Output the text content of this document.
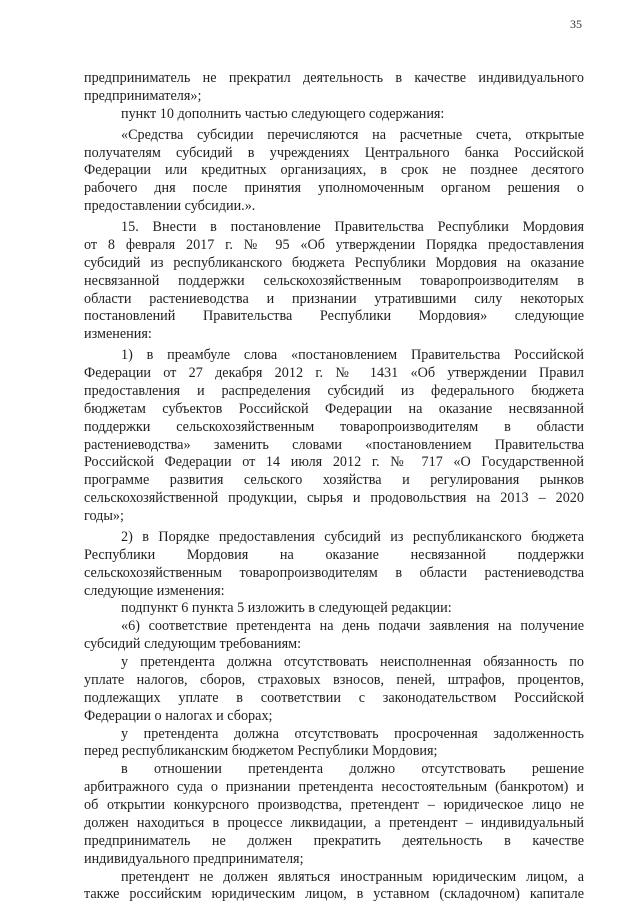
35
предприниматель не прекратил деятельность в качестве индивидуального
предпринимателя»;
пункт 10 дополнить частью следующего содержания:
«Средства субсидии перечисляются на расчетные счета, открытые
получателям субсидий в учреждениях Центрального банка Российской
Федерации или кредитных организациях, в срок не позднее десятого
рабочего дня после принятия уполномоченным органом решения о
предоставлении субсидии.».
15. Внести в постановление Правительства Республики Мордовия
от 8 февраля 2017 г. № 95 «Об утверждении Порядка предоставления
субсидий из республиканского бюджета Республики Мордовия на оказание
несвязанной поддержки сельскохозяйственным товаропроизводителям в
области растениеводства и признании утратившими силу некоторых
постановлений Правительства Республики Мордовия» следующие
изменения:
1) в преамбуле слова «постановлением Правительства Российской
Федерации от 27 декабря 2012 г. № 1431 «Об утверждении Правил
предоставления и распределения субсидий из федерального бюджета
бюджетам субъектов Российской Федерации на оказание несвязанной
поддержки сельскохозяйственным товаропроизводителям в области
растениеводства» заменить словами «постановлением Правительства
Российской Федерации от 14 июля 2012 г. № 717 «О Государственной
программе развития сельского хозяйства и регулирования рынков
сельскохозяйственной продукции, сырья и продовольствия на 2013 – 2020
годы»;
2) в Порядке предоставления субсидий из республиканского бюджета
Республики Мордовия на оказание несвязанной поддержки
сельскохозяйственным товаропроизводителям в области растениеводства
следующие изменения:
подпункт 6 пункта 5 изложить в следующей редакции:
«6) соответствие претендента на день подачи заявления на получение
субсидий следующим требованиям:
у претендента должна отсутствовать неисполненная обязанность по
уплате налогов, сборов, страховых взносов, пеней, штрафов, процентов,
подлежащих уплате в соответствии с законодательством Российской
Федерации о налогах и сборах;
у претендента должна отсутствовать просроченная задолженность
перед республиканским бюджетом Республики Мордовия;
в отношении претендента должно отсутствовать решение
арбитражного суда о признании претендента несостоятельным (банкротом) и
об открытии конкурсного производства, претендент – юридическое лицо не
должен находиться в процессе ликвидации, а претендент – индивидуальный
предприниматель не должен прекратить деятельность в качестве
индивидуального предпринимателя;
претендент не должен являться иностранным юридическим лицом, а
также российским юридическим лицом, в уставном (складочном) капитале
